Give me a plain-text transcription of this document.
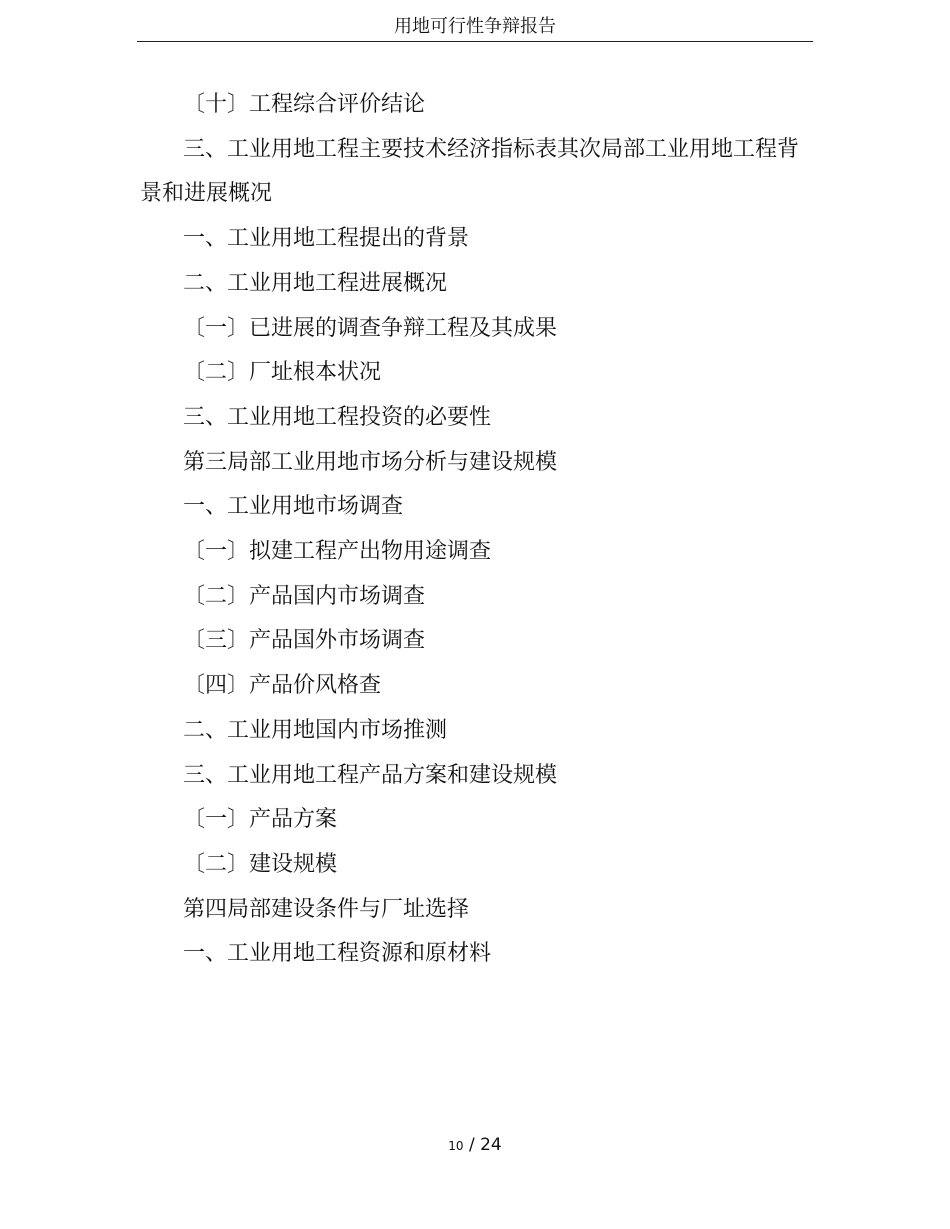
用地可行性争辩报告

〔十〕工程综合评价结论

三、工业用地工程主要技术经济指标表其次局部工业用地工程背景和进展概况

一、工业用地工程提出的背景

二、工业用地工程进展概况

〔一〕已进展的调查争辩工程及其成果

〔二〕厂址根本状况

三、工业用地工程投资的必要性

第三局部工业用地市场分析与建设规模

一、工业用地市场调查

〔一〕拟建工程产出物用途调查

〔二〕产品国内市场调查

〔三〕产品国外市场调查

〔四〕产品价风格查

二、工业用地国内市场推测

三、工业用地工程产品方案和建设规模

〔一〕产品方案

〔二〕建设规模

第四局部建设条件与厂址选择

一、工业用地工程资源和原材料

10 / 24
